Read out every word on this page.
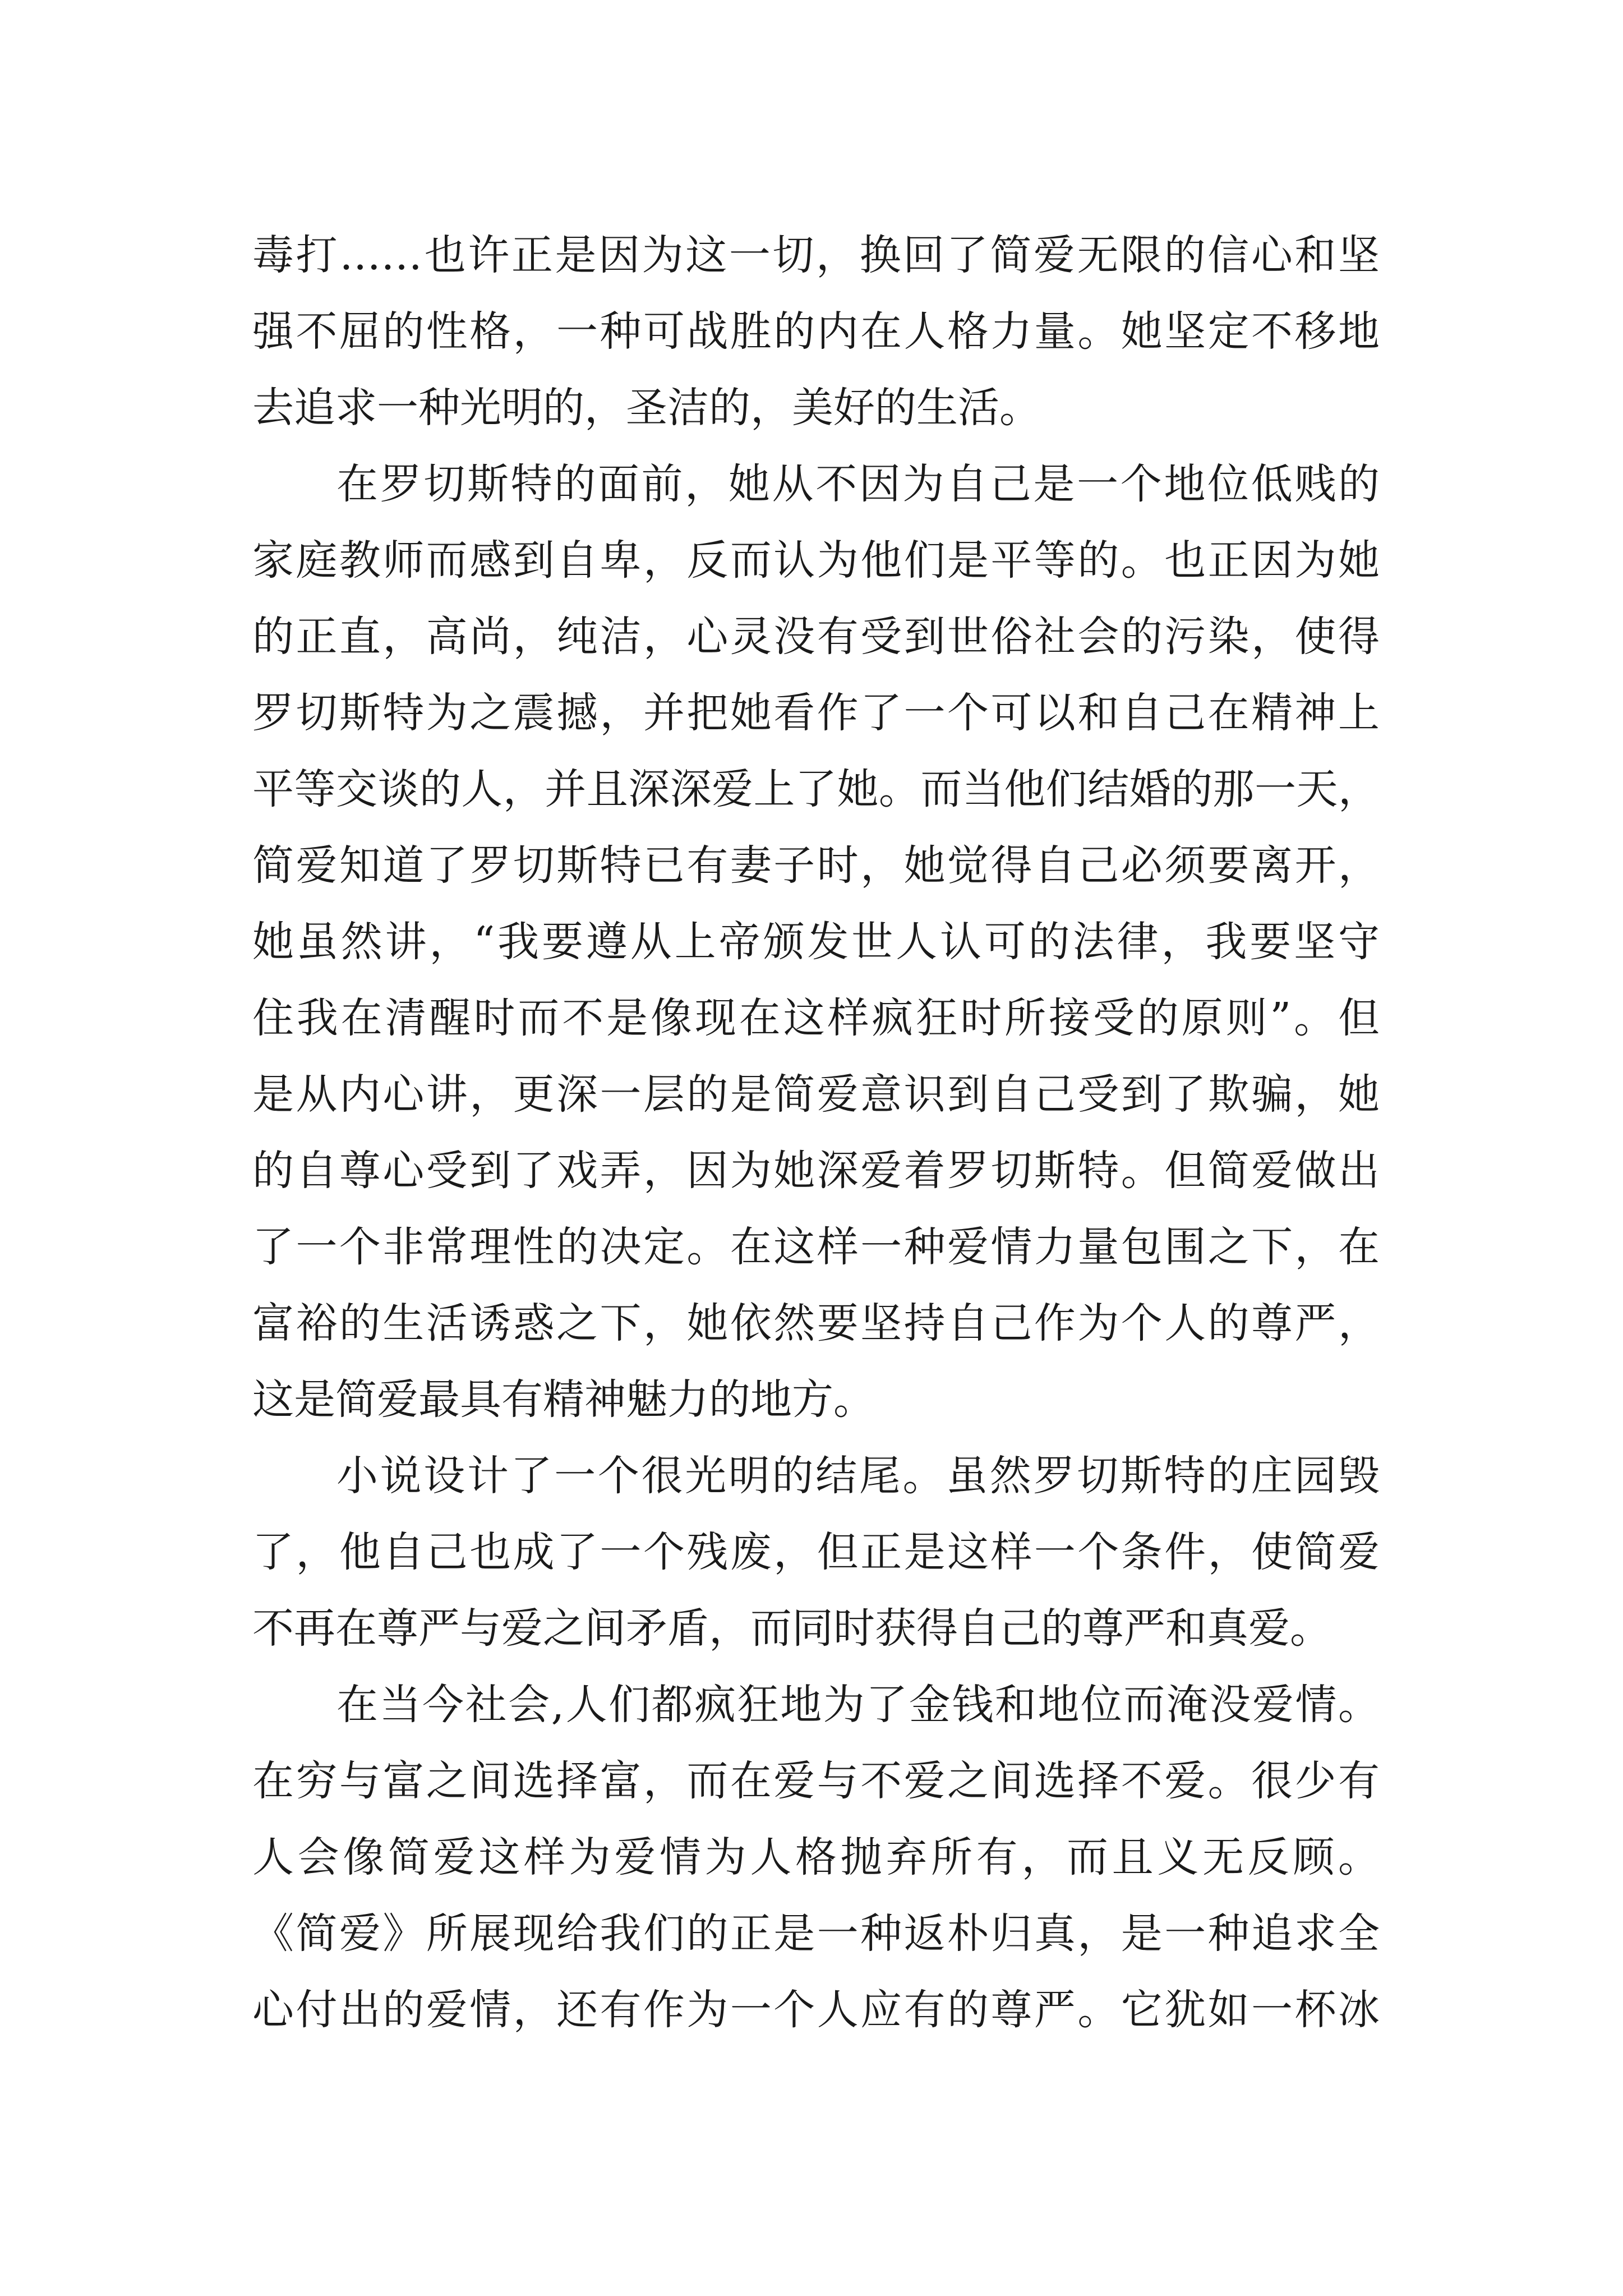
毒打……也许正是因为这一切，换回了简爱无限的信心和坚
强不屈的性格，一种可战胜的内在人格力量。她坚定不移地
去追求一种光明的，圣洁的，美好的生活。
在罗切斯特的面前，她从不因为自己是一个地位低贱的
家庭教师而感到自卑，反而认为他们是平等的。也正因为她
的正直，高尚，纯洁，心灵没有受到世俗社会的污染，使得
罗切斯特为之震撼，并把她看作了一个可以和自己在精神上
平等交谈的人，并且深深爱上了她。而当他们结婚的那一天，
简爱知道了罗切斯特已有妻子时，她觉得自己必须要离开，
她虽然讲，“我要遵从上帝颁发世人认可的法律，我要坚守
住我在清醒时而不是像现在这样疯狂时所接受的原则”。但
是从内心讲，更深一层的是简爱意识到自己受到了欺骗，她
的自尊心受到了戏弄，因为她深爱着罗切斯特。但简爱做出
了一个非常理性的决定。在这样一种爱情力量包围之下，在
富裕的生活诱惑之下，她依然要坚持自己作为个人的尊严，
这是简爱最具有精神魅力的地方。
小说设计了一个很光明的结尾。虽然罗切斯特的庄园毁
了，他自己也成了一个残废，但正是这样一个条件，使简爱
不再在尊严与爱之间矛盾，而同时获得自己的尊严和真爱。
在当今社会,人们都疯狂地为了金钱和地位而淹没爱情。
在穷与富之间选择富，而在爱与不爱之间选择不爱。很少有
人会像简爱这样为爱情为人格抛弃所有，而且义无反顾。
《简爱》所展现给我们的正是一种返朴归真，是一种追求全
心付出的爱情，还有作为一个人应有的尊严。它犹如一杯冰
